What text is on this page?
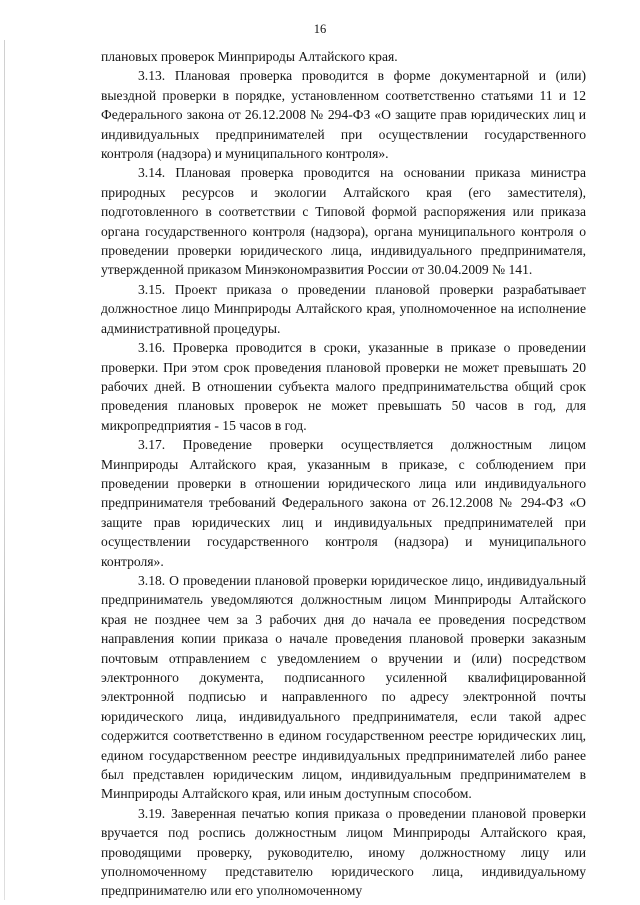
16

плановых проверок Минприроды Алтайского края.

3.13. Плановая проверка проводится в форме документарной и (или) выездной проверки в порядке, установленном соответственно статьями 11 и 12 Федерального закона от 26.12.2008 № 294-ФЗ «О защите прав юридических лиц и индивидуальных предпринимателей при осуществлении государственного контроля (надзора) и муниципального контроля».

3.14. Плановая проверка проводится на основании приказа министра природных ресурсов и экологии Алтайского края (его заместителя), подготовленного в соответствии с Типовой формой распоряжения или приказа органа государственного контроля (надзора), органа муниципального контроля о проведении проверки юридического лица, индивидуального предпринимателя, утвержденной приказом Минэкономразвития России от 30.04.2009 № 141.

3.15. Проект приказа о проведении плановой проверки разрабатывает должностное лицо Минприроды Алтайского края, уполномоченное на исполнение административной процедуры.

3.16. Проверка проводится в сроки, указанные в приказе о проведении проверки. При этом срок проведения плановой проверки не может превышать 20 рабочих дней. В отношении субъекта малого предпринимательства общий срок проведения плановых проверок не может превышать 50 часов в год, для микропредприятия - 15 часов в год.

3.17. Проведение проверки осуществляется должностным лицом Минприроды Алтайского края, указанным в приказе, с соблюдением при проведении проверки в отношении юридического лица или индивидуального предпринимателя требований Федерального закона от 26.12.2008 № 294-ФЗ «О защите прав юридических лиц и индивидуальных предпринимателей при осуществлении государственного контроля (надзора) и муниципального контроля».

3.18. О проведении плановой проверки юридическое лицо, индивидуальный предприниматель уведомляются должностным лицом Минприроды Алтайского края не позднее чем за 3 рабочих дня до начала ее проведения посредством направления копии приказа о начале проведения плановой проверки заказным почтовым отправлением с уведомлением о вручении и (или) посредством электронного документа, подписанного усиленной квалифицированной электронной подписью и направленного по адресу электронной почты юридического лица, индивидуального предпринимателя, если такой адрес содержится соответственно в едином государственном реестре юридических лиц, едином государственном реестре индивидуальных предпринимателей либо ранее был представлен юридическим лицом, индивидуальным предпринимателем в Минприроды Алтайского края, или иным доступным способом.

3.19. Заверенная печатью копия приказа о проведении плановой проверки вручается под роспись должностным лицом Минприроды Алтайского края, проводящими проверку, руководителю, иному должностному лицу или уполномоченному представителю юридического лица, индивидуальному предпринимателю или его уполномоченному
